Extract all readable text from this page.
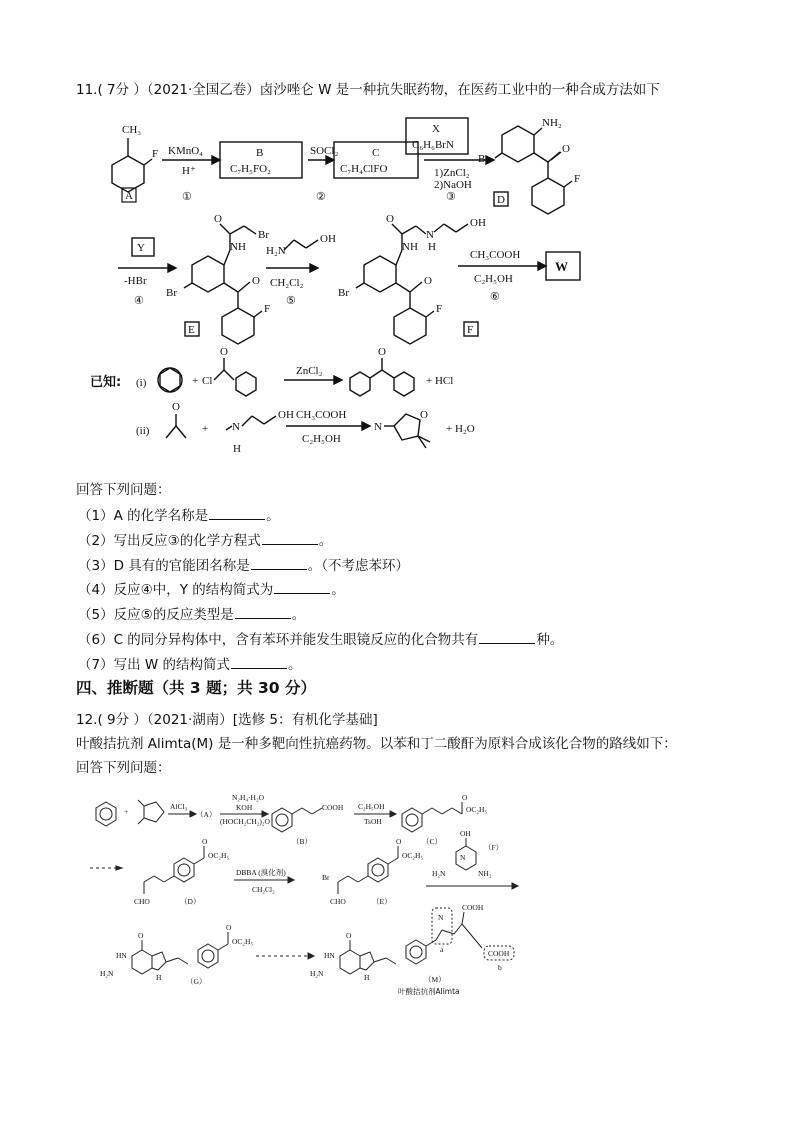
11.( 7分 ）（2021·全国乙卷）卤沙唑仑 W 是一种抗失眠药物，在医药工业中的一种合成方法如下
CH₃
F
A
KMnO₄
H⁺
①
B
C₇H₅FO₂
SOCl₂
②
C
C₇H₄ClFO
X
C₆H₆BrN
1)ZnCl₂
2)NaOH
③
NH₂
O
Br
F
D
Y
-HBr
④
O
Br
NH
O
Br
F
E
H₂N
OH
CH₂Cl₂
⑤
O
N
H
OH
NH
O
Br
F
F
CH₃COOH
C₂H₅OH
⑥
W
已知: (i)	+ Cl
O
ZnCl₂
O
+ HCl
(ii)
O
+ N
H
OH CH₃COOH
C₂H₅OH
N
O
+ H₂O
回答下列问题：
（1）A 的化学名称是	。
（2）写出反应③的化学方程式	。
（3）D 具有的官能团名称是	。（不考虑苯环）
（4）反应④中，Y 的结构简式为	。
（5）反应⑤的反应类型是	。
（6）C 的同分异构体中，含有苯环并能发生眼镜反应的化合物共有	种。
（7）写出 W 的结构简式	。
四、推断题（共 3 题；共 30 分）
12.( 9分 ）（2021·湖南）[选修 5：有机化学基础]
叶酸拮抗剂 Alimta(M) 是一种多靶向性抗癌药物。以苯和丁二酸酐为原料合成该化合物的路线如下：
回答下列问题：
+
AlCl₃
（A）
N₂H₄·H₂O
KOH
(HOCH₂CH₂)₂O
COOH
（B）
C₂H₅OH
TsOH
O
OC₂H₅
（C）
O
OC₂H₅
CHO	（D）
DBBA (溴化剂)
CH₂Cl₂
Br
O
OC₂H₅
CHO	（E）
OH
N
H₂N	NH₂
（F）
O
HN
H₂N	H
O
OC₂H₅
（G）
O
HN
H₂N	H
N
COOH
COOH
a
b
（M）
叶酸拮抗剂Alimta
